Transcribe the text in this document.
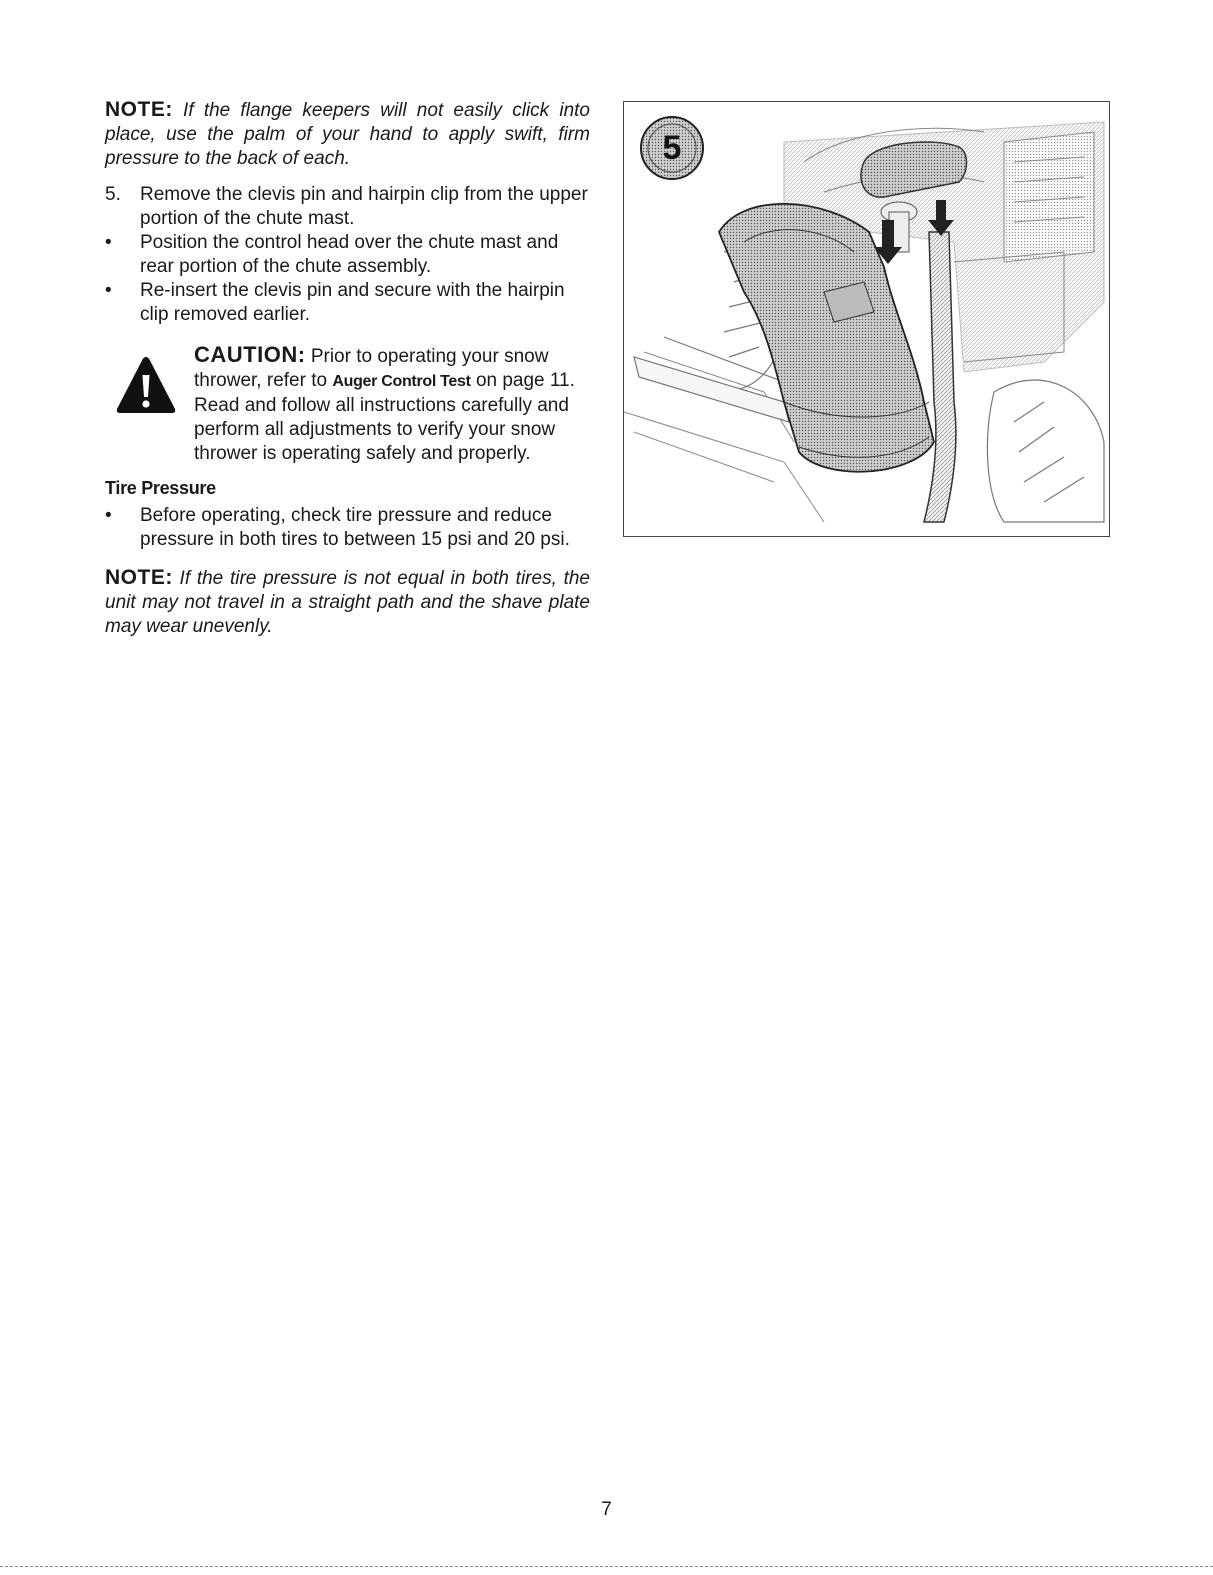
NOTE: If the flange keepers will not easily click into place, use the palm of your hand to apply swift, firm pressure to the back of each.

5.	Remove the clevis pin and hairpin clip from the upper portion of the chute mast.
•	Position the control head over the chute mast and rear portion of the chute assembly.
•	Re-insert the clevis pin and secure with the hairpin clip removed earlier.
CAUTION: Prior to operating your snow thrower, refer to Auger Control Test on page 11. Read and follow all instructions carefully and perform all adjustments to verify your snow thrower is operating safely and properly.
Tire Pressure
• Before operating, check tire pressure and reduce pressure in both tires to between 15 psi and 20 psi.

NOTE: If the tire pressure is not equal in both tires, the unit may not travel in a straight path and the shave plate may wear unevenly.

5

7
